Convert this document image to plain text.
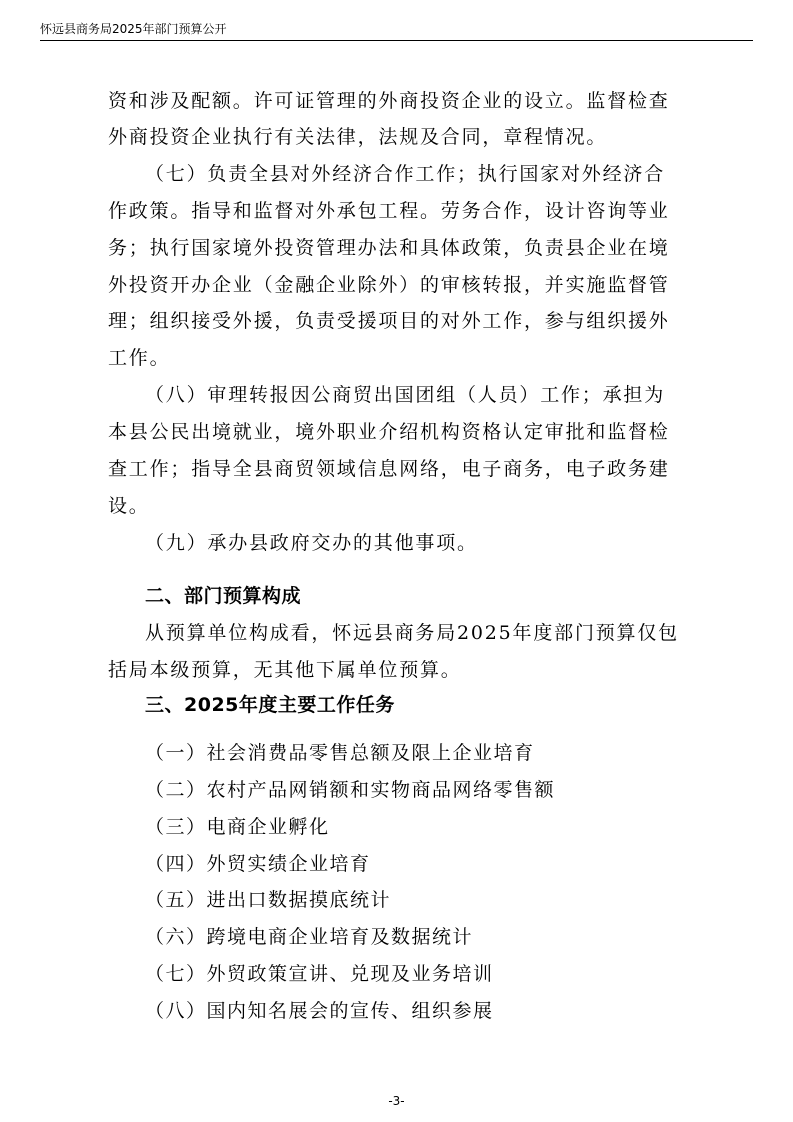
怀远县商务局2025年部门预算公开
资和涉及配额。许可证管理的外商投资企业的设立。监督检查
外商投资企业执行有关法律，法规及合同，章程情况。
（七）负责全县对外经济合作工作；执行国家对外经济合
作政策。指导和监督对外承包工程。劳务合作，设计咨询等业
务；执行国家境外投资管理办法和具体政策，负责县企业在境
外投资开办企业（金融企业除外）的审核转报，并实施监督管
理；组织接受外援，负责受援项目的对外工作，参与组织援外
工作。
（八）审理转报因公商贸出国团组（人员）工作；承担为
本县公民出境就业，境外职业介绍机构资格认定审批和监督检
查工作；指导全县商贸领域信息网络，电子商务，电子政务建
设。
（九）承办县政府交办的其他事项。
二、部门预算构成
从预算单位构成看，怀远县商务局2025年度部门预算仅包
括局本级预算，无其他下属单位预算。
三、2025年度主要工作任务
（一）社会消费品零售总额及限上企业培育
（二）农村产品网销额和实物商品网络零售额
（三）电商企业孵化
（四）外贸实绩企业培育
（五）进出口数据摸底统计
（六）跨境电商企业培育及数据统计
（七）外贸政策宣讲、兑现及业务培训
（八）国内知名展会的宣传、组织参展
-3-
